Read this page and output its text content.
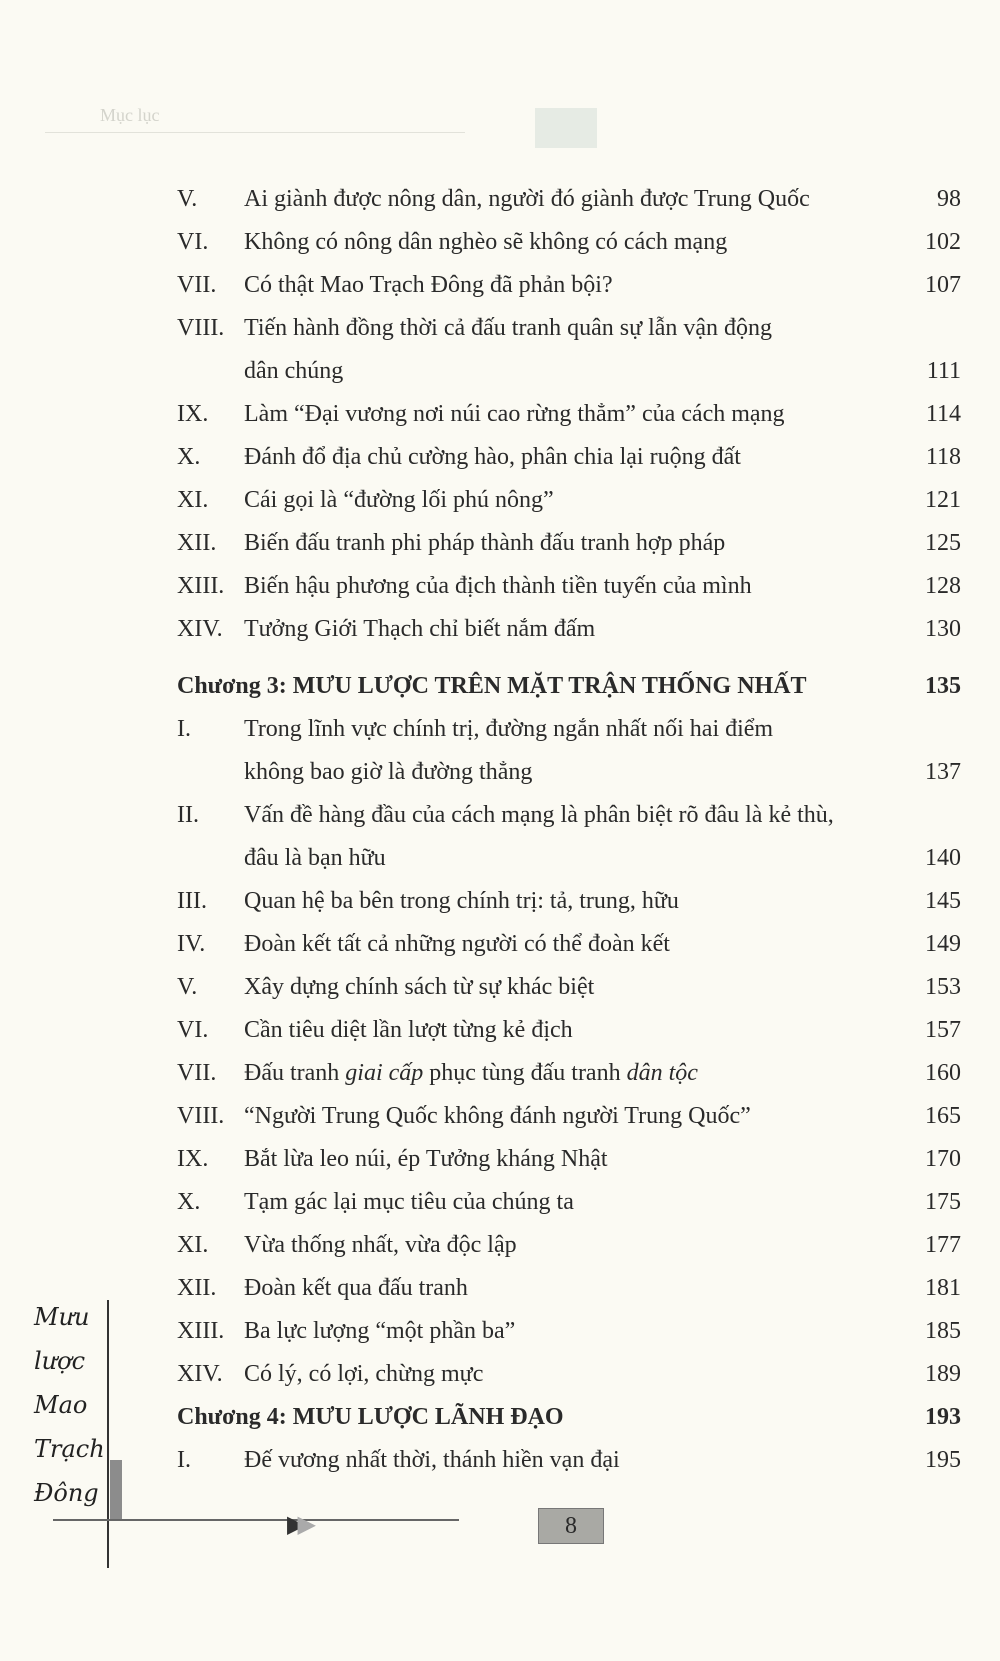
Mục lục
V.	Ai giành được nông dân, người đó giành được Trung Quốc	98
VI.	Không có nông dân nghèo sẽ không có cách mạng	102
VII.	Có thật Mao Trạch Đông đã phản bội?	107
VIII. Tiến hành đồng thời cả đấu tranh quân sự lẫn vận động
dân chúng	111
IX.	Làm “Đại vương nơi núi cao rừng thẳm” của cách mạng	114
X.	Đánh đổ địa chủ cường hào, phân chia lại ruộng đất	118
XI.	Cái gọi là “đường lối phú nông”	121
XII.	Biến đấu tranh phi pháp thành đấu tranh hợp pháp	125
XIII. Biến hậu phương của địch thành tiền tuyến của mình	128
XIV. Tưởng Giới Thạch chỉ biết nắm đấm	130
Chương 3: MƯU LƯỢC TRÊN MẶT TRẬN THỐNG NHẤT	135
I.	Trong lĩnh vực chính trị, đường ngắn nhất nối hai điểm
không bao giờ là đường thẳng	137
II.	Vấn đề hàng đầu của cách mạng là phân biệt rõ đâu là kẻ thù,
đâu là bạn hữu	140
III.	Quan hệ ba bên trong chính trị: tả, trung, hữu	145
IV.	Đoàn kết tất cả những người có thể đoàn kết	149
V.	Xây dựng chính sách từ sự khác biệt	153
VI.	Cần tiêu diệt lần lượt từng kẻ địch	157
VII.	Đấu tranh giai cấp phục tùng đấu tranh dân tộc	160
VIII. “Người Trung Quốc không đánh người Trung Quốc”	165
IX.	Bắt lừa leo núi, ép Tưởng kháng Nhật	170
X.	Tạm gác lại mục tiêu của chúng ta	175
XI.	Vừa thống nhất, vừa độc lập	177
XII.	Đoàn kết qua đấu tranh	181
XIII. Ba lực lượng “một phần ba”	185
XIV. Có lý, có lợi, chừng mực	189
Chương 4: MƯU LƯỢC LÃNH ĐẠO	193
I.	Đế vương nhất thời, thánh hiền vạn đại	195
Mưu
lược
Mao
Trạch
Đông
▶▶	8
